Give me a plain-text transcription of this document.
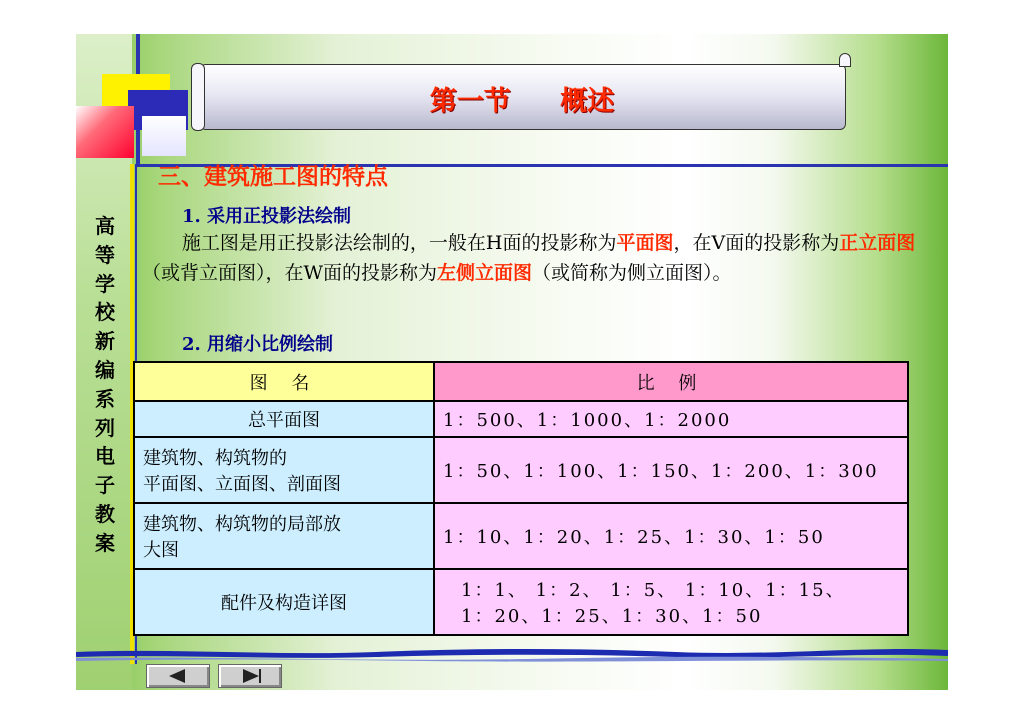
第一节 概述
高
等
学
校
新
编
系
列
电
子
教
案
三、建筑施工图的特点
1. 采用正投影法绘制
施工图是用正投影法绘制的，一般在H面的投影称为平面图，在V面的投影称为正立面图（或背立面图），在W面的投影称为左侧立面图（或简称为侧立面图）。
2. 用缩小比例绘制
图 名	比 例
总平面图	1：500、1：1000、1：2000

建筑物、构筑物的
平面图、立面图、剖面图	1：50、1：100、1：150、1：200、1：300

建筑物、构筑物的局部放
大图	1：10、1：20、1：25、1：30、1：50
配件及构造详图	1：1、 1：2、 1：5、 1：10、1：15、
1：20、1：25、1：30、1：50
